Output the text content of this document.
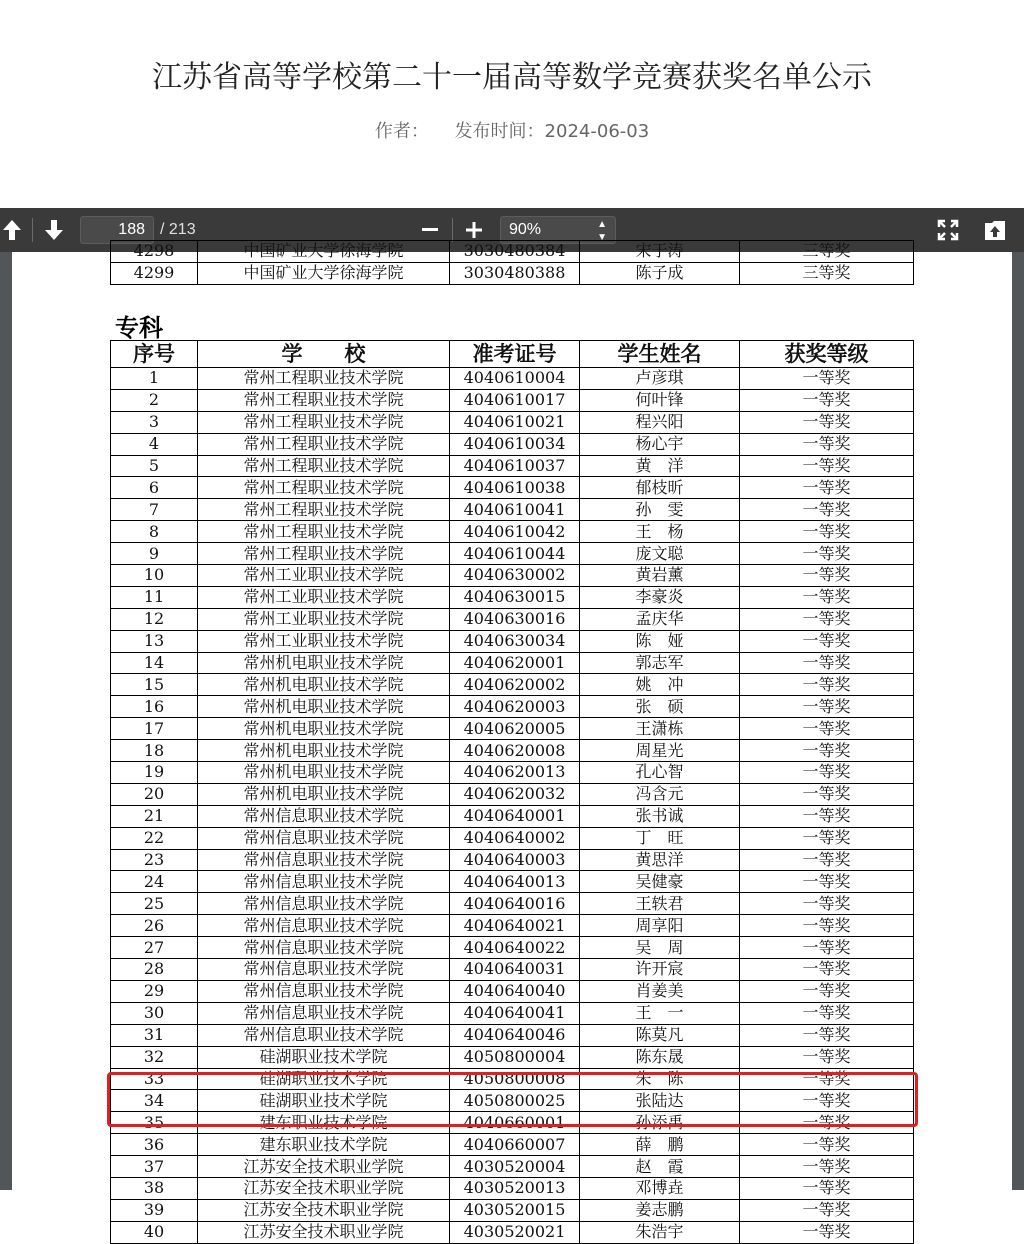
江苏省高等学校第二十一届高等数学竞赛获奖名单公示
作者： 发布时间：2024-06-03
188 / 213	90%	▲
▼
4298	中国矿业大学徐海学院	3030480384	宋于涛	三等奖
4299	中国矿业大学徐海学院	3030480388	陈子成	三等奖
专科
序号	学　　校	准考证号	学生姓名	获奖等级
1	常州工程职业技术学院	4040610004	卢彦琪	一等奖
2	常州工程职业技术学院	4040610017	何叶锋	一等奖
3	常州工程职业技术学院	4040610021	程兴阳	一等奖
4	常州工程职业技术学院	4040610034	杨心宇	一等奖
5	常州工程职业技术学院	4040610037	黄　洋	一等奖
6	常州工程职业技术学院	4040610038	郁枝昕	一等奖
7	常州工程职业技术学院	4040610041	孙　雯	一等奖
8	常州工程职业技术学院	4040610042	王　杨	一等奖
9	常州工程职业技术学院	4040610044	庞文聪	一等奖
10	常州工业职业技术学院	4040630002	黄岩薰	一等奖
11	常州工业职业技术学院	4040630015	李豪炎	一等奖
12	常州工业职业技术学院	4040630016	孟庆华	一等奖
13	常州工业职业技术学院	4040630034	陈　娅	一等奖
14	常州机电职业技术学院	4040620001	郭志军	一等奖
15	常州机电职业技术学院	4040620002	姚　冲	一等奖
16	常州机电职业技术学院	4040620003	张　硕	一等奖
17	常州机电职业技术学院	4040620005	王潇栋	一等奖
18	常州机电职业技术学院	4040620008	周星光	一等奖
19	常州机电职业技术学院	4040620013	孔心智	一等奖
20	常州机电职业技术学院	4040620032	冯含元	一等奖
21	常州信息职业技术学院	4040640001	张书诚	一等奖
22	常州信息职业技术学院	4040640002	丁　旺	一等奖
23	常州信息职业技术学院	4040640003	黄思洋	一等奖
24	常州信息职业技术学院	4040640013	吴健豪	一等奖
25	常州信息职业技术学院	4040640016	王轶君	一等奖
26	常州信息职业技术学院	4040640021	周享阳	一等奖
27	常州信息职业技术学院	4040640022	吴　周	一等奖
28	常州信息职业技术学院	4040640031	许开宸	一等奖
29	常州信息职业技术学院	4040640040	肖姜美	一等奖
30	常州信息职业技术学院	4040640041	王　一	一等奖
31	常州信息职业技术学院	4040640046	陈莫凡	一等奖
32	硅湖职业技术学院	4050800004	陈东晟	一等奖
33	硅湖职业技术学院	4050800008	朱　陈	一等奖
34	硅湖职业技术学院	4050800025	张陆达	一等奖
35	建东职业技术学院	4040660001	孙添禹	一等奖
36	建东职业技术学院	4040660007	薛　鹏	一等奖
37	江苏安全技术职业学院	4030520004	赵　霞	一等奖
38	江苏安全技术职业学院	4030520013	邓博垚	一等奖
39	江苏安全技术职业学院	4030520015	姜志鹏	一等奖
40	江苏安全技术职业学院	4030520021	朱浩宇	一等奖
